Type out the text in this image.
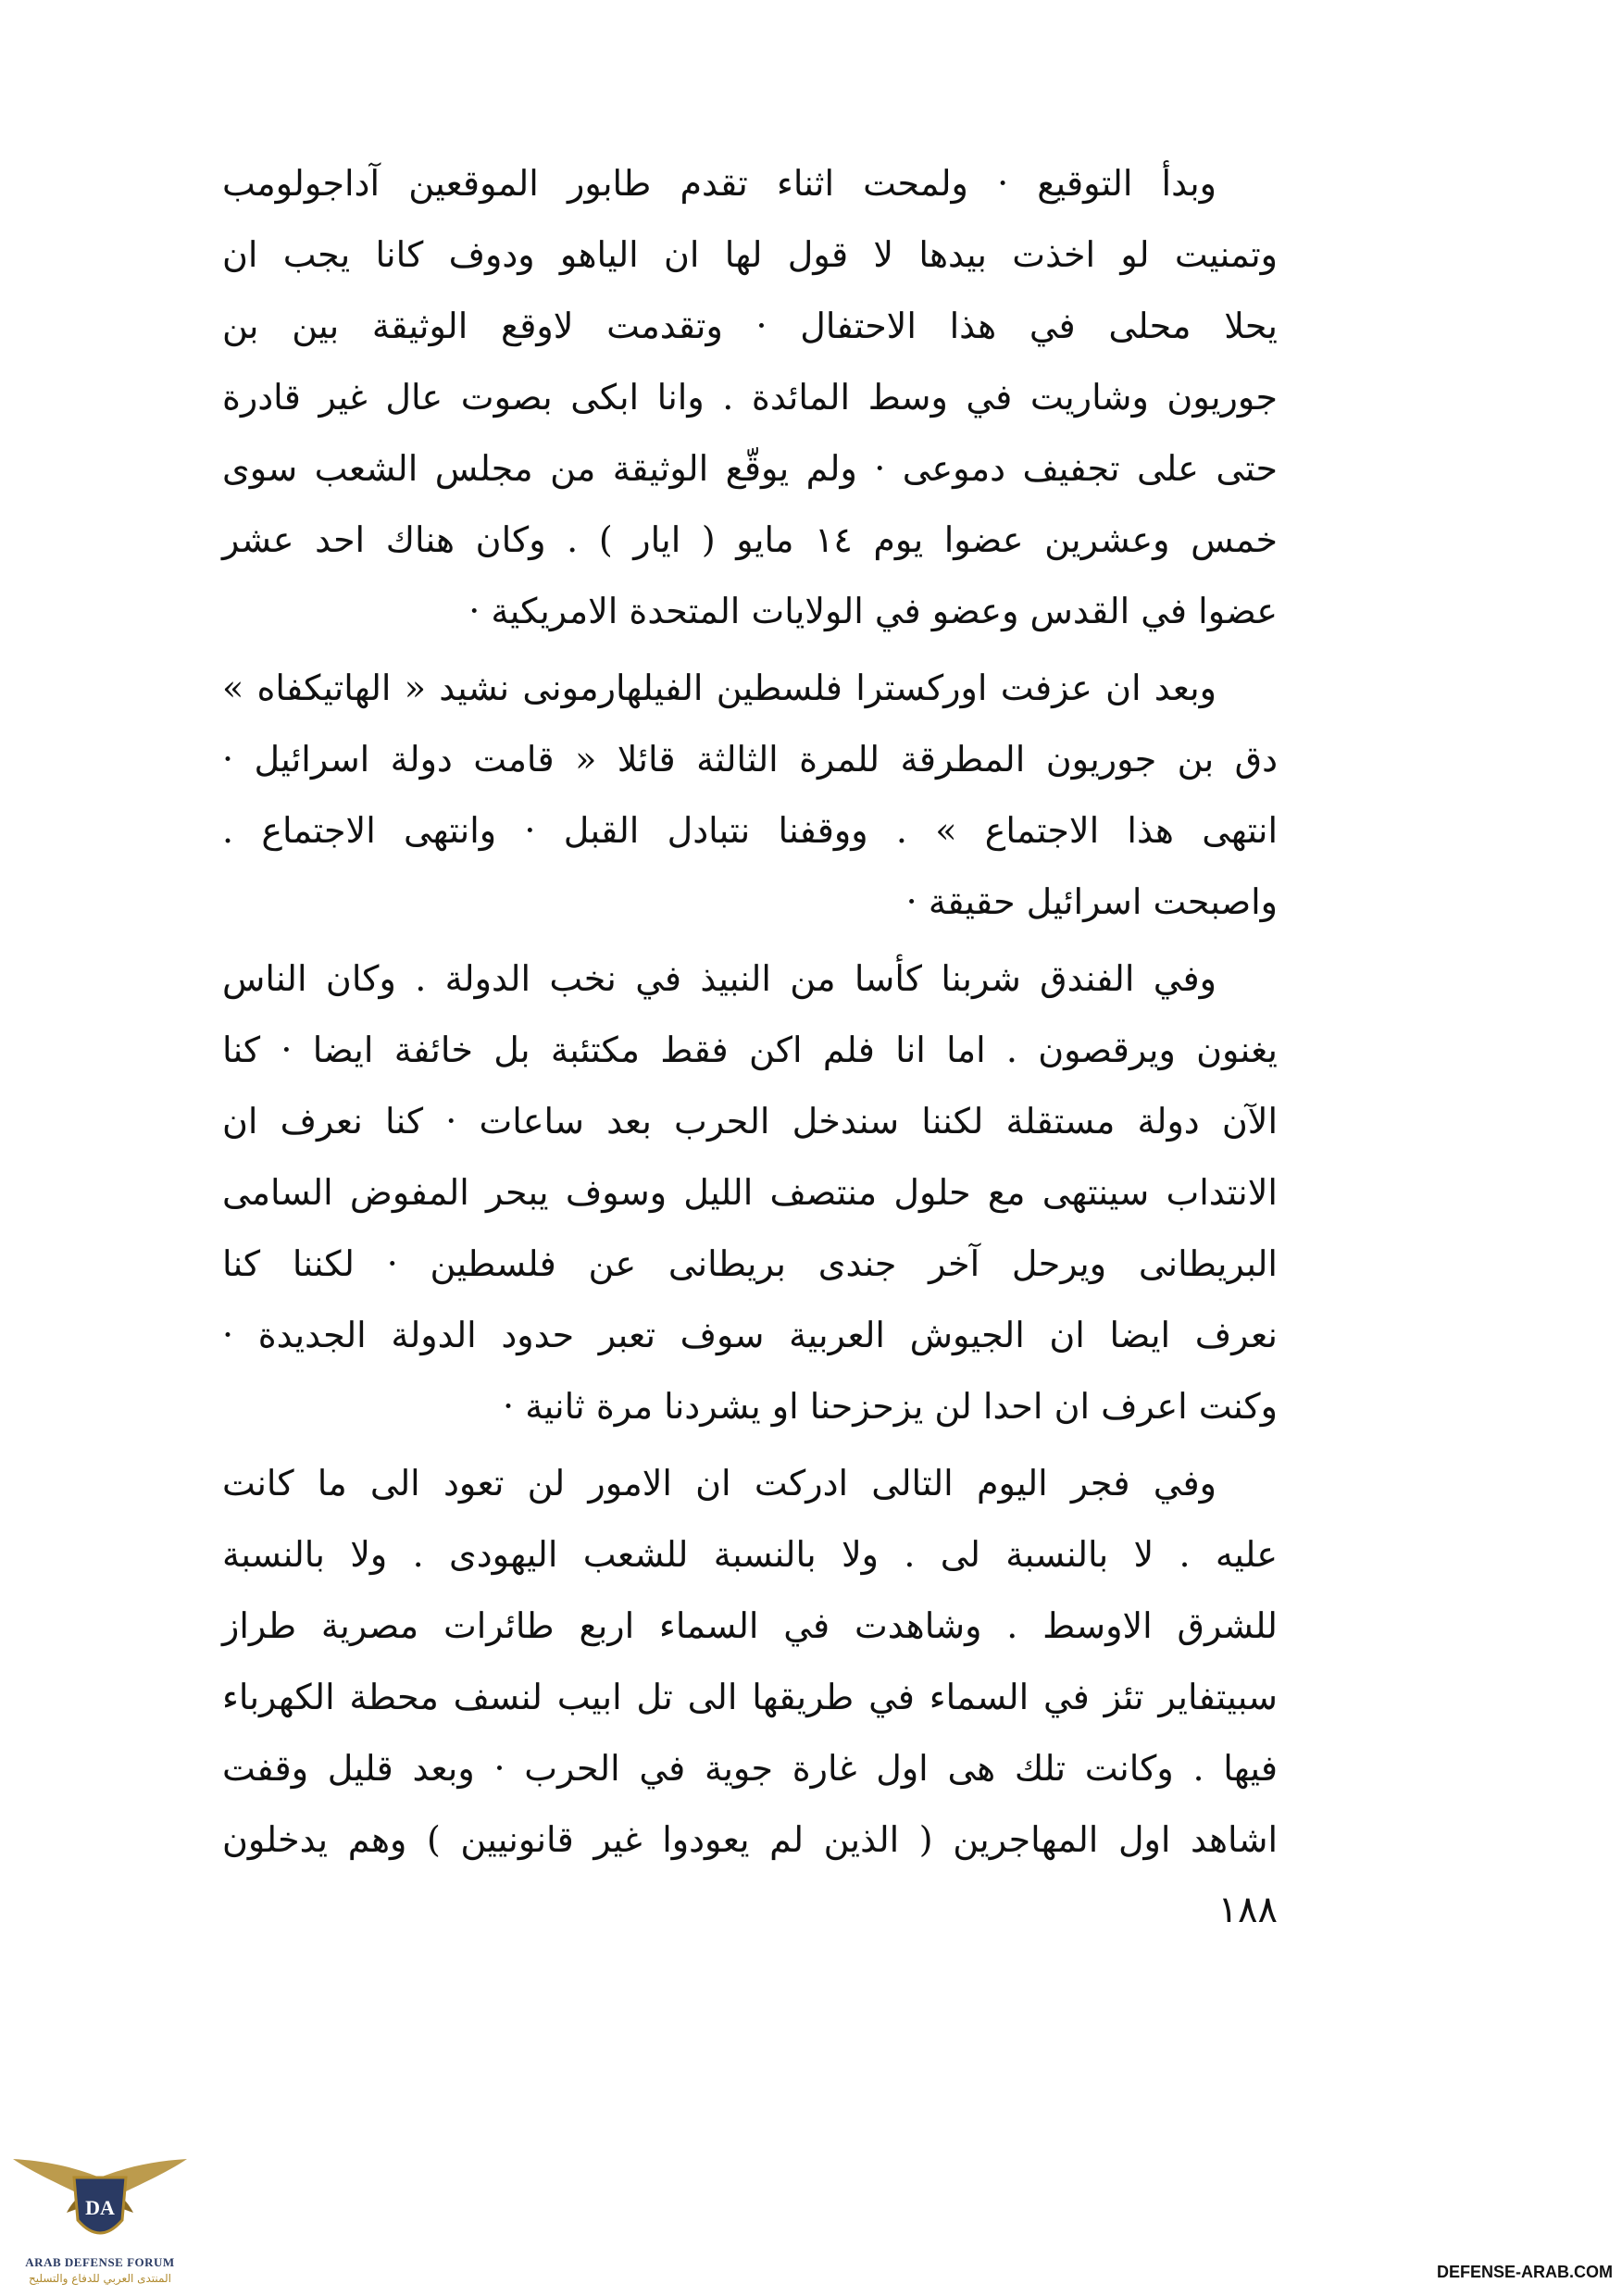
وبدأ التوقيع · ولمحت اثناء تقدم طابور الموقعين آداجولومب
وتمنيت لو اخذت بيدها لا قول لها ان الياهو ودوف كانا يجب ان
يحلا محلى في هذا الاحتفال · وتقدمت لاوقع الوثيقة بين بن
جوريون وشاريت في وسط المائدة . وانا ابكى بصوت عال غير قادرة
حتى على تجفيف دموعى · ولم يوقّع الوثيقة من مجلس الشعب سوى
خمس وعشرين عضوا يوم ١٤ مايو ( ايار ) . وكان هناك احد عشر
عضوا في القدس وعضو في الولايات المتحدة الامريكية ·

وبعد ان عزفت اوركسترا فلسطين الفيلهارمونى نشيد « الهاتيكفاه »
دق بن جوريون المطرقة للمرة الثالثة قائلا « قامت دولة اسرائيل ·
انتهى هذا الاجتماع » . ووقفنا نتبادل القبل · وانتهى الاجتماع .
واصبحت اسرائيل حقيقة ·

وفي الفندق شربنا كأسا من النبيذ في نخب الدولة . وكان الناس
يغنون ويرقصون . اما انا فلم اكن فقط مكتئبة بل خائفة ايضا · كنا
الآن دولة مستقلة لكننا سندخل الحرب بعد ساعات · كنا نعرف ان
الانتداب سينتهى مع حلول منتصف الليل وسوف يبحر المفوض السامى
البريطانى ويرحل آخر جندى بريطانى عن فلسطين · لكننا كنا
نعرف ايضا ان الجيوش العربية سوف تعبر حدود الدولة الجديدة ·
وكنت اعرف ان احدا لن يزحزحنا او يشردنا مرة ثانية ·

وفي فجر اليوم التالى ادركت ان الامور لن تعود الى ما كانت
عليه . لا بالنسبة لى . ولا بالنسبة للشعب اليهودى . ولا بالنسبة
للشرق الاوسط . وشاهدت في السماء اربع طائرات مصرية طراز
سبيتفاير تئز في السماء في طريقها الى تل ابيب لنسف محطة الكهرباء
فيها . وكانت تلك هى اول غارة جوية في الحرب · وبعد قليل وقفت
اشاهد اول المهاجرين ( الذين لم يعودوا غير قانونيين ) وهم يدخلون

١٨٨
DA
ARAB DEFENSE FORUM
المنتدى العربي للدفاع والتسليح	DEFENSE-ARAB.COM
